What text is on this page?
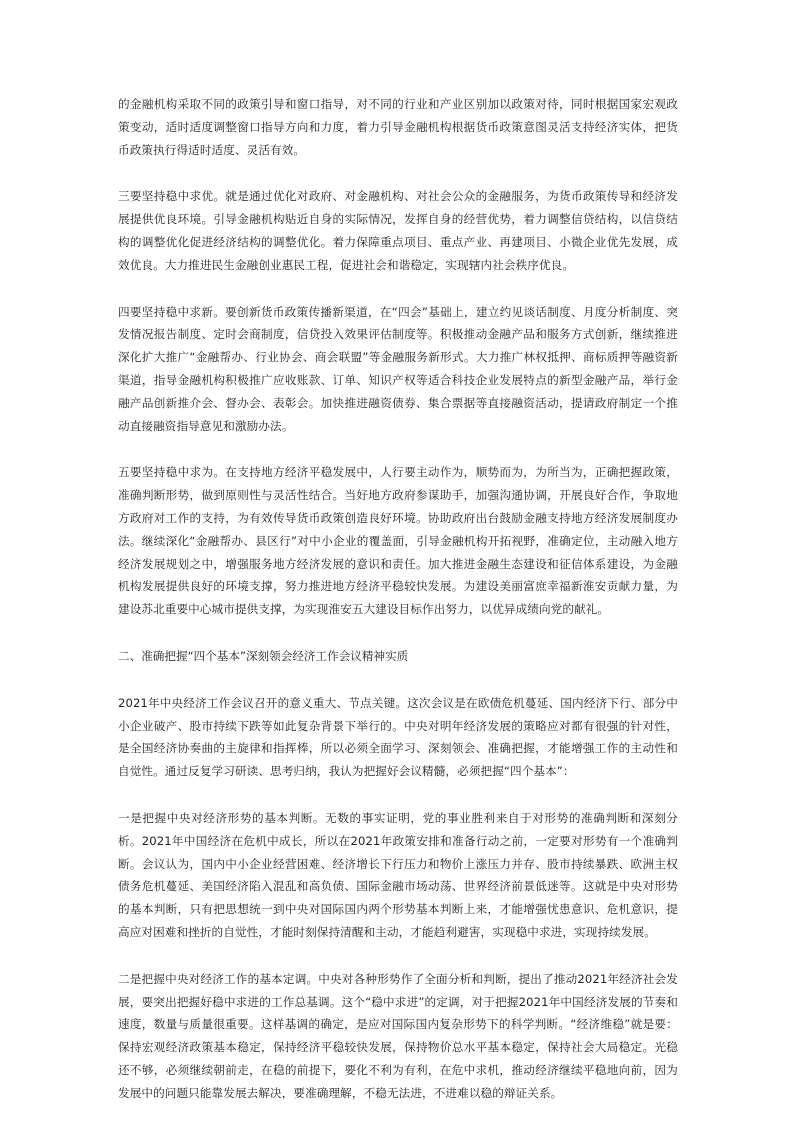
的金融机构采取不同的政策引导和窗口指导，对不同的行业和产业区别加以政策对待，同时根据国家宏观政策变动，适时适度调整窗口指导方向和力度，着力引导金融机构根据货币政策意图灵活支持经济实体，把货币政策执行得适时适度、灵活有效。

三要坚持稳中求优。就是通过优化对政府、对金融机构、对社会公众的金融服务，为货币政策传导和经济发展提供优良环境。引导金融机构贴近自身的实际情况，发挥自身的经营优势，着力调整信贷结构，以信贷结构的调整优化促进经济结构的调整优化。着力保障重点项目、重点产业、再建项目、小微企业优先发展，成效优良。大力推进民生金融创业惠民工程，促进社会和谐稳定，实现辖内社会秩序优良。

四要坚持稳中求新。要创新货币政策传播新渠道，在“四会”基础上，建立约见谈话制度、月度分析制度、突发情况报告制度、定时会商制度，信贷投入效果评估制度等。积极推动金融产品和服务方式创新，继续推进深化扩大推广“金融帮办、行业协会、商会联盟”等金融服务新形式。大力推广林权抵押、商标质押等融资新渠道，指导金融机构积极推广应收账款、订单、知识产权等适合科技企业发展特点的新型金融产品，举行金融产品创新推介会、督办会、表彰会。加快推进融资债券、集合票据等直接融资活动，提请政府制定一个推动直接融资指导意见和激励办法。

五要坚持稳中求为。在支持地方经济平稳发展中，人行要主动作为，顺势而为，为所当为，正确把握政策，准确判断形势，做到原则性与灵活性结合。当好地方政府参谋助手，加强沟通协调，开展良好合作，争取地方政府对工作的支持，为有效传导货币政策创造良好环境。协助政府出台鼓励金融支持地方经济发展制度办法。继续深化“金融帮办、县区行”对中小企业的覆盖面，引导金融机构开拓视野，准确定位，主动融入地方经济发展规划之中，增强服务地方经济发展的意识和责任。加大推进金融生态建设和征信体系建设，为金融机构发展提供良好的环境支撑，努力推进地方经济平稳较快发展。为建设美丽富庶幸福新淮安贡献力量，为建设苏北重要中心城市提供支撑，为实现淮安五大建设目标作出努力，以优异成绩向党的献礼。

二、准确把握“四个基本”深刻领会经济工作会议精神实质

2021年中央经济工作会议召开的意义重大、节点关键。这次会议是在欧债危机蔓延、国内经济下行、部分中小企业破产、股市持续下跌等如此复杂背景下举行的。中央对明年经济发展的策略应对都有很强的针对性，是全国经济协奏曲的主旋律和指挥棒，所以必须全面学习、深刻领会、准确把握，才能增强工作的主动性和自觉性。通过反复学习研读、思考归纳，我认为把握好会议精髓，必须把握“四个基本”：

一是把握中央对经济形势的基本判断。无数的事实证明，党的事业胜利来自于对形势的准确判断和深刻分析。2021年中国经济在危机中成长，所以在2021年政策安排和准备行动之前，一定要对形势有一个准确判断。会议认为，国内中小企业经营困难、经济增长下行压力和物价上涨压力并存、股市持续暴跌、欧洲主权债务危机蔓延、美国经济陷入混乱和高负债、国际金融市场动荡、世界经济前景低迷等。这就是中央对形势的基本判断，只有把思想统一到中央对国际国内两个形势基本判断上来，才能增强忧患意识、危机意识，提高应对困难和挫折的自觉性，才能时刻保持清醒和主动，才能趋利避害，实现稳中求进，实现持续发展。

二是把握中央对经济工作的基本定调。中央对各种形势作了全面分析和判断，提出了推动2021年经济社会发展，要突出把握好稳中求进的工作总基调。这个“稳中求进”的定调，对于把握2021年中国经济发展的节奏和速度，数量与质量很重要。这样基调的确定，是应对国际国内复杂形势下的科学判断。“经济维稳”就是要：保持宏观经济政策基本稳定，保持经济平稳较快发展，保持物价总水平基本稳定，保持社会大局稳定。光稳还不够，必须继续朝前走，在稳的前提下，要化不利为有利，在危中求机，推动经济继续平稳地向前，因为发展中的问题只能靠发展去解决，要准确理解，不稳无法进，不进难以稳的辩证关系。
